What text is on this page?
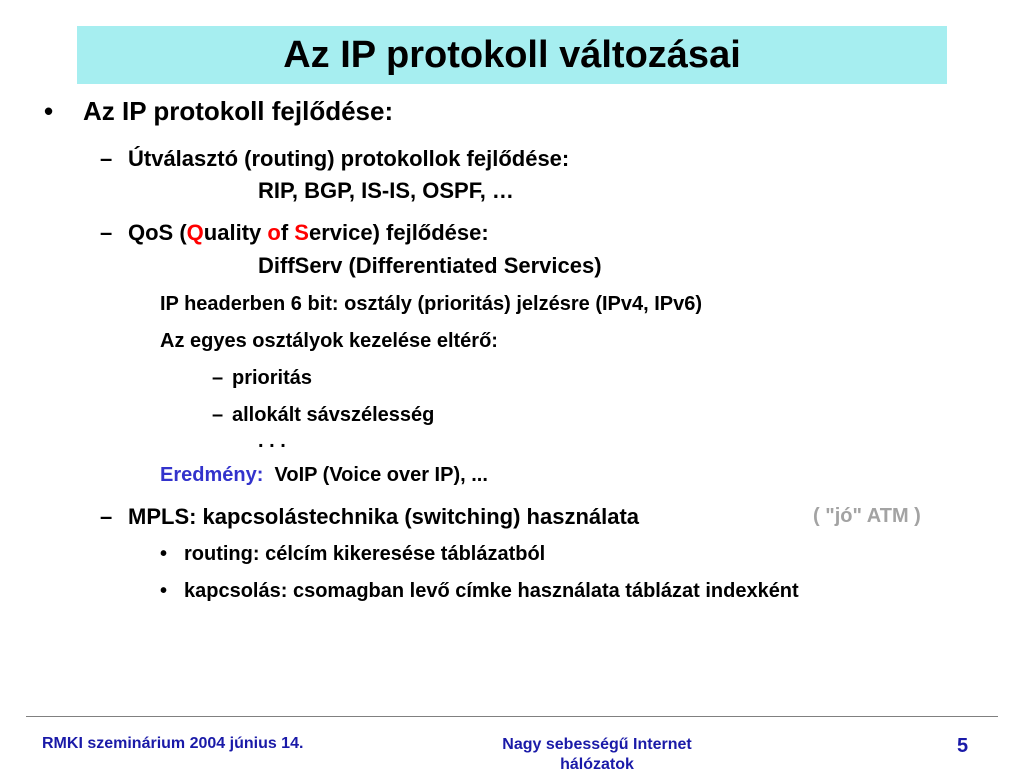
Az IP protokoll változásai
• Az IP protokoll fejlődése:
– Útválasztó (routing) protokollok fejlődése:
RIP, BGP, IS-IS, OSPF, …
– QoS (Quality of Service) fejlődése:
DiffServ (Differentiated Services)
IP headerben 6 bit: osztály (prioritás) jelzésre (IPv4, IPv6)
Az egyes osztályok kezelése eltérő:
– prioritás
– allokált sávszélesség
. . .
Eredmény: VoIP (Voice over IP), ...
– MPLS: kapcsolástechnika (switching) használata	( "jó" ATM )
• routing: célcím kikeresése táblázatból
• kapcsolás: csomagban levő címke használata táblázat indexként
RMKI szeminárium 2004 június 14.	Nagy sebességű Internet hálózatok
5
